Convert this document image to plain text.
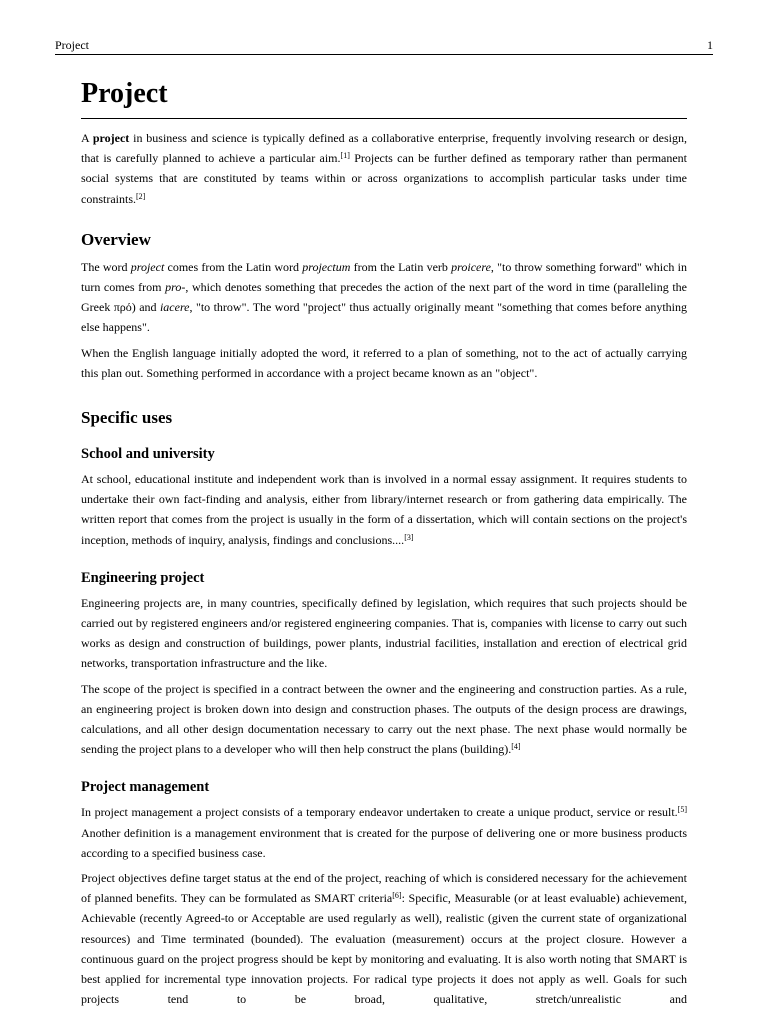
Project	1
Project

A project in business and science is typically defined as a collaborative enterprise, frequently involving research or design, that is carefully planned to achieve a particular aim.[1] Projects can be further defined as temporary rather than permanent social systems that are constituted by teams within or across organizations to accomplish particular tasks under time constraints.[2]

Overview

The word project comes from the Latin word projectum from the Latin verb proicere, "to throw something forward" which in turn comes from pro-, which denotes something that precedes the action of the next part of the word in time (paralleling the Greek πρό) and iacere, "to throw". The word "project" thus actually originally meant "something that comes before anything else happens".

When the English language initially adopted the word, it referred to a plan of something, not to the act of actually carrying this plan out. Something performed in accordance with a project became known as an "object".

Specific uses
School and university

At school, educational institute and independent work than is involved in a normal essay assignment. It requires students to undertake their own fact-finding and analysis, either from library/internet research or from gathering data empirically. The written report that comes from the project is usually in the form of a dissertation, which will contain sections on the project's inception, methods of inquiry, analysis, findings and conclusions....[3]

Engineering project

Engineering projects are, in many countries, specifically defined by legislation, which requires that such projects should be carried out by registered engineers and/or registered engineering companies. That is, companies with license to carry out such works as design and construction of buildings, power plants, industrial facilities, installation and erection of electrical grid networks, transportation infrastructure and the like.

The scope of the project is specified in a contract between the owner and the engineering and construction parties. As a rule, an engineering project is broken down into design and construction phases. The outputs of the design process are drawings, calculations, and all other design documentation necessary to carry out the next phase. The next phase would normally be sending the project plans to a developer who will then help construct the plans (building).[4]

Project management

In project management a project consists of a temporary endeavor undertaken to create a unique product, service or result.[5] Another definition is a management environment that is created for the purpose of delivering one or more business products according to a specified business case.

Project objectives define target status at the end of the project, reaching of which is considered necessary for the achievement of planned benefits. They can be formulated as SMART criteria[6]: Specific, Measurable (or at least evaluable) achievement, Achievable (recently Agreed-to or Acceptable are used regularly as well), realistic (given the current state of organizational resources) and Time terminated (bounded). The evaluation (measurement) occurs at the project closure. However a continuous guard on the project progress should be kept by monitoring and evaluating. It is also worth noting that SMART is best applied for incremental type innovation projects. For radical type projects it does not apply as well. Goals for such projects tend to be broad, qualitative, stretch/unrealistic and
